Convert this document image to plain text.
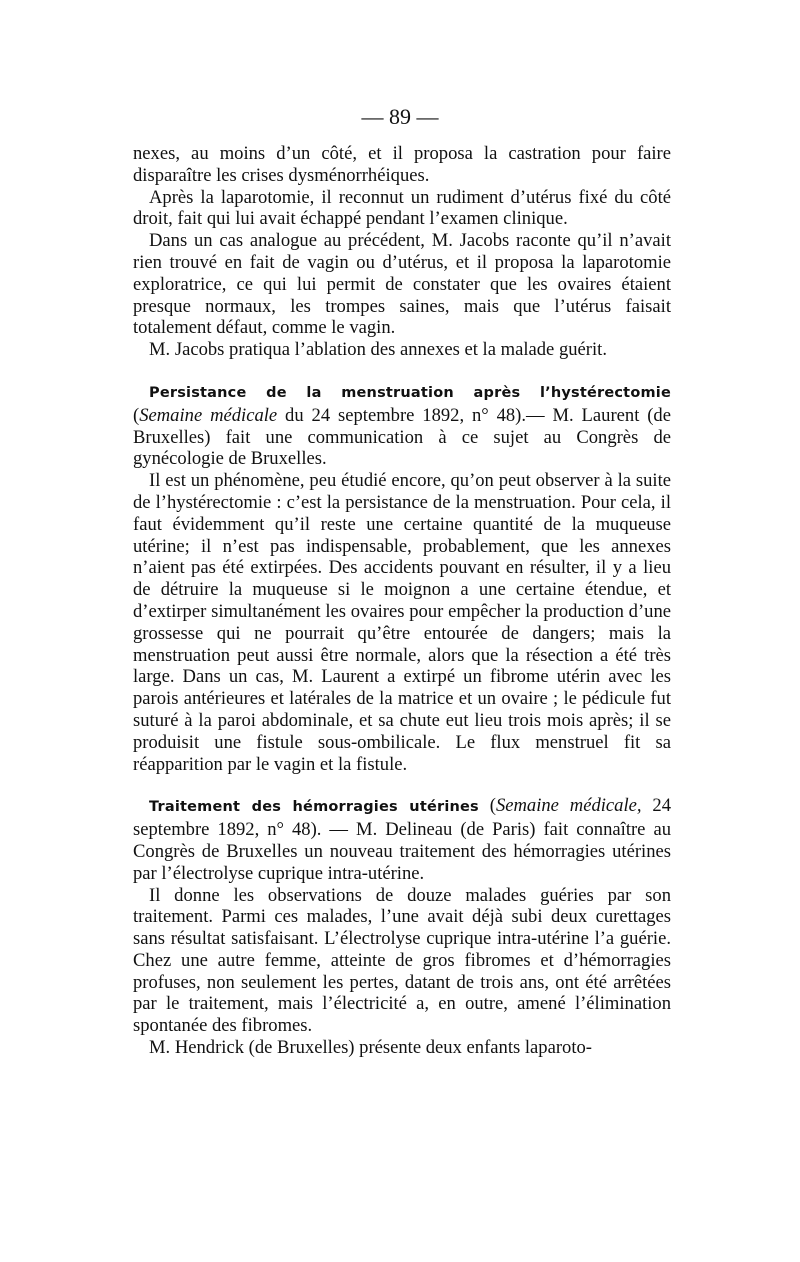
— 89 —

nexes, au moins d’un côté, et il proposa la castration pour faire disparaître les crises dysménorrhéiques.

Après la laparotomie, il reconnut un rudiment d’utérus fixé du côté droit, fait qui lui avait échappé pendant l’examen clinique.

Dans un cas analogue au précédent, M. Jacobs raconte qu’il n’avait rien trouvé en fait de vagin ou d’utérus, et il proposa la laparotomie exploratrice, ce qui lui permit de constater que les ovaires étaient presque normaux, les trompes saines, mais que l’utérus faisait totalement défaut, comme le vagin.

M. Jacobs pratiqua l’ablation des annexes et la malade guérit.

Persistance de la menstruation après l’hystérectomie (Semaine médicale du 24 septembre 1892, n° 48).— M. Laurent (de Bruxelles) fait une communication à ce sujet au Congrès de gynécologie de Bruxelles.

Il est un phénomène, peu étudié encore, qu’on peut observer à la suite de l’hystérectomie : c’est la persistance de la menstruation. Pour cela, il faut évidemment qu’il reste une certaine quantité de la muqueuse utérine; il n’est pas indispensable, probablement, que les annexes n’aient pas été extirpées. Des accidents pouvant en résulter, il y a lieu de détruire la muqueuse si le moignon a une certaine étendue, et d’extirper simultanément les ovaires pour empêcher la production d’une grossesse qui ne pourrait qu’être entourée de dangers; mais la menstruation peut aussi être normale, alors que la résection a été très large. Dans un cas, M. Laurent a extirpé un fibrome utérin avec les parois antérieures et latérales de la matrice et un ovaire ; le pédicule fut suturé à la paroi abdominale, et sa chute eut lieu trois mois après; il se produisit une fistule sous-ombilicale. Le flux menstruel fit sa réapparition par le vagin et la fistule.

Traitement des hémorragies utérines (Semaine médicale, 24 septembre 1892, n° 48). — M. Delineau (de Paris) fait connaître au Congrès de Bruxelles un nouveau traitement des hémorragies utérines par l’électrolyse cuprique intra-utérine.

Il donne les observations de douze malades guéries par son traitement. Parmi ces malades, l’une avait déjà subi deux curettages sans résultat satisfaisant. L’électrolyse cuprique intra-utérine l’a guérie. Chez une autre femme, atteinte de gros fibromes et d’hémorragies profuses, non seulement les pertes, datant de trois ans, ont été arrêtées par le traitement, mais l’électricité a, en outre, amené l’élimination spontanée des fibromes.

M. Hendrick (de Bruxelles) présente deux enfants laparoto-
